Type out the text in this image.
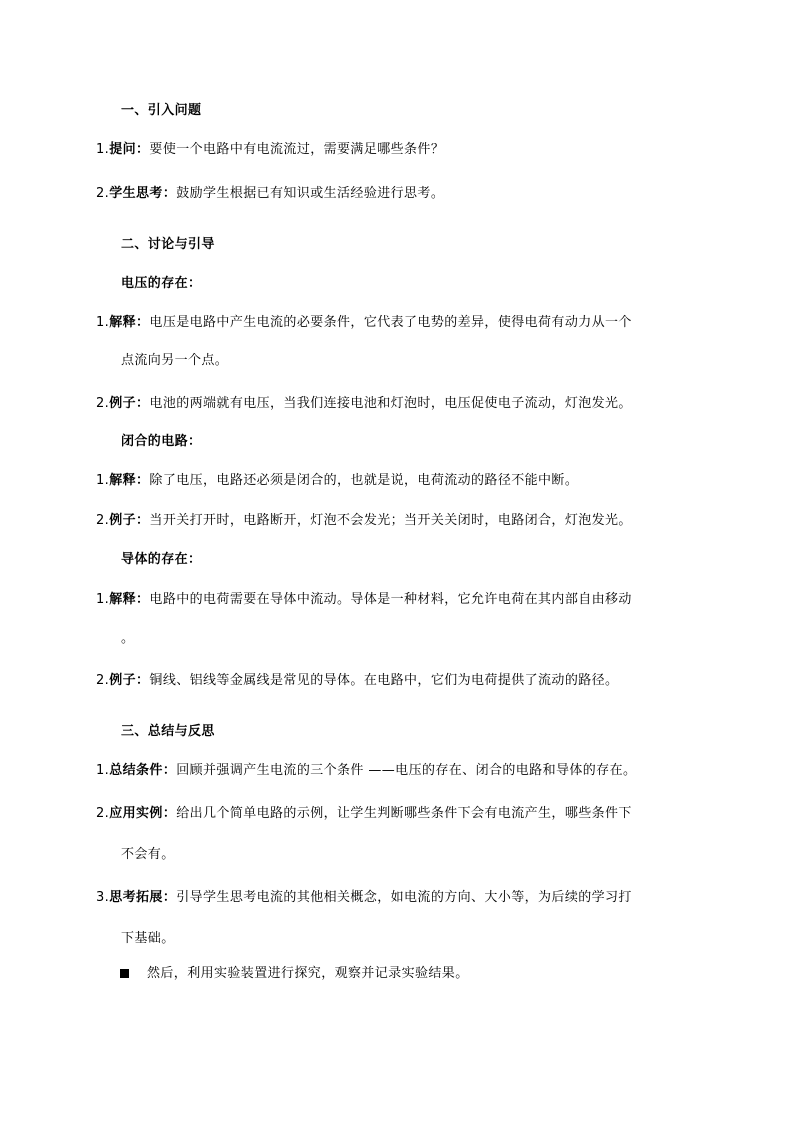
一、引入问题
1.提问：要使一个电路中有电流流过，需要满足哪些条件？
2.学生思考：鼓励学生根据已有知识或生活经验进行思考。
二、讨论与引导
电压的存在：
1.解释：电压是电路中产生电流的必要条件，它代表了电势的差异，使得电荷有动力从一个
点流向另一个点。
2.例子：电池的两端就有电压，当我们连接电池和灯泡时，电压促使电子流动，灯泡发光。
闭合的电路：
1.解释：除了电压，电路还必须是闭合的，也就是说，电荷流动的路径不能中断。
2.例子：当开关打开时，电路断开，灯泡不会发光；当开关关闭时，电路闭合，灯泡发光。
导体的存在：
1.解释：电路中的电荷需要在导体中流动。导体是一种材料，它允许电荷在其内部自由移动
。
2.例子：铜线、铝线等金属线是常见的导体。在电路中，它们为电荷提供了流动的路径。
三、总结与反思
1.总结条件：回顾并强调产生电流的三个条件 ——电压的存在、闭合的电路和导体的存在。
2.应用实例：给出几个简单电路的示例，让学生判断哪些条件下会有电流产生，哪些条件下
不会有。
3.思考拓展：引导学生思考电流的其他相关概念，如电流的方向、大小等，为后续的学习打
下基础。
然后，利用实验装置进行探究，观察并记录实验结果。
